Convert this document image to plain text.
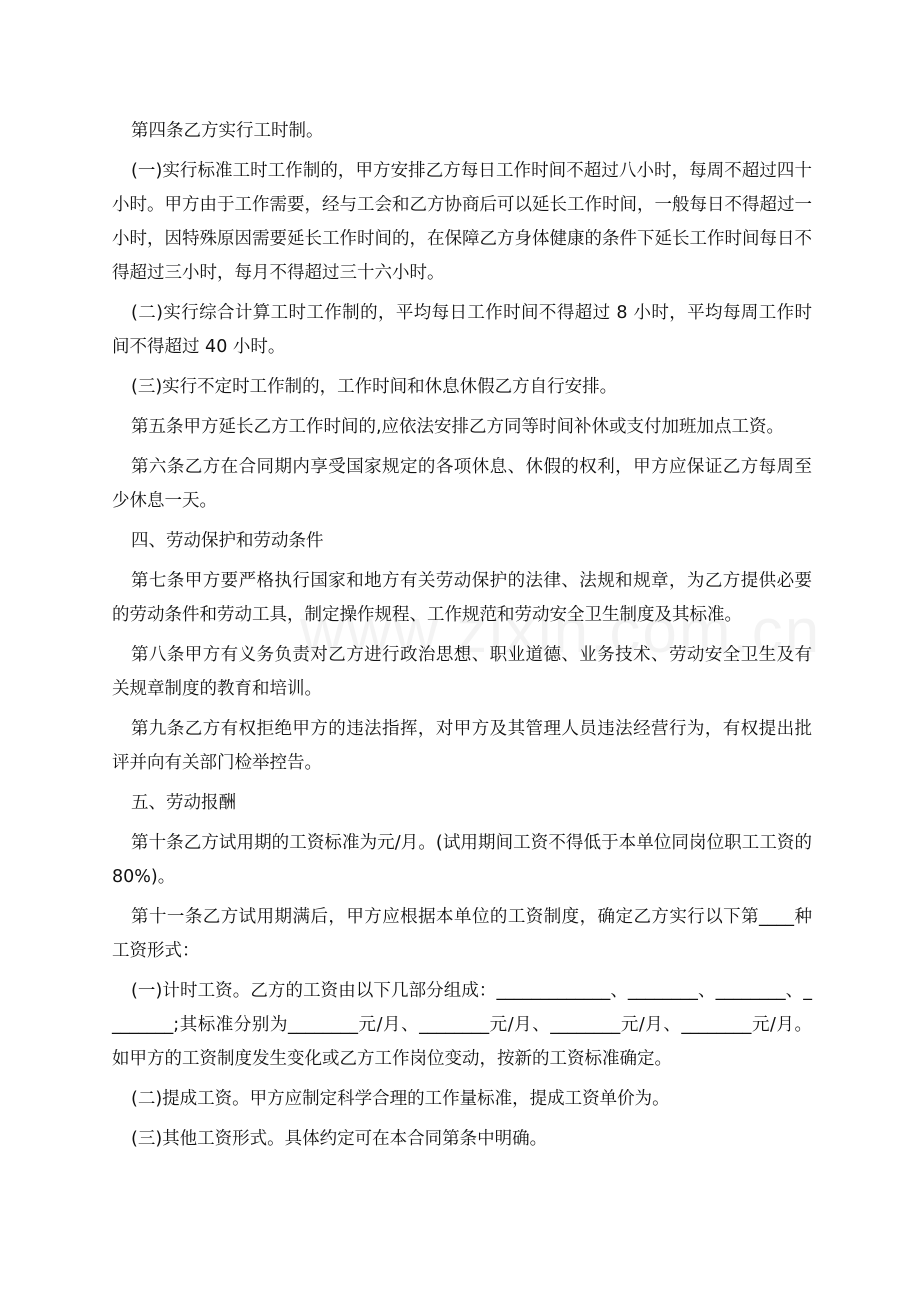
第四条乙方实行工时制。

(一)实行标准工时工作制的，甲方安排乙方每日工作时间不超过八小时，每周不超过四十小时。甲方由于工作需要，经与工会和乙方协商后可以延长工作时间，一般每日不得超过一小时，因特殊原因需要延长工作时间的，在保障乙方身体健康的条件下延长工作时间每日不得超过三小时，每月不得超过三十六小时。

(二)实行综合计算工时工作制的，平均每日工作时间不得超过 8 小时，平均每周工作时间不得超过 40 小时。

(三)实行不定时工作制的，工作时间和休息休假乙方自行安排。

第五条甲方延长乙方工作时间的,应依法安排乙方同等时间补休或支付加班加点工资。

第六条乙方在合同期内享受国家规定的各项休息、休假的权利，甲方应保证乙方每周至少休息一天。

四、劳动保护和劳动条件

第七条甲方要严格执行国家和地方有关劳动保护的法律、法规和规章，为乙方提供必要的劳动条件和劳动工具，制定操作规程、工作规范和劳动安全卫生制度及其标准。

第八条甲方有义务负责对乙方进行政治思想、职业道德、业务技术、劳动安全卫生及有关规章制度的教育和培训。

第九条乙方有权拒绝甲方的违法指挥，对甲方及其管理人员违法经营行为，有权提出批评并向有关部门检举控告。

五、劳动报酬

第十条乙方试用期的工资标准为元/月。(试用期间工资不得低于本单位同岗位职工工资的 80%)。

第十一条乙方试用期满后，甲方应根据本单位的工资制度，确定乙方实行以下第____种工资形式：

(一)计时工资。乙方的工资由以下几部分组成：_____________、________、________、________;其标准分别为________元/月、________元/月、________元/月、________元/月。如甲方的工资制度发生变化或乙方工作岗位变动，按新的工资标准确定。

(二)提成工资。甲方应制定科学合理的工作量标准，提成工资单价为。

(三)其他工资形式。具体约定可在本合同第条中明确。
